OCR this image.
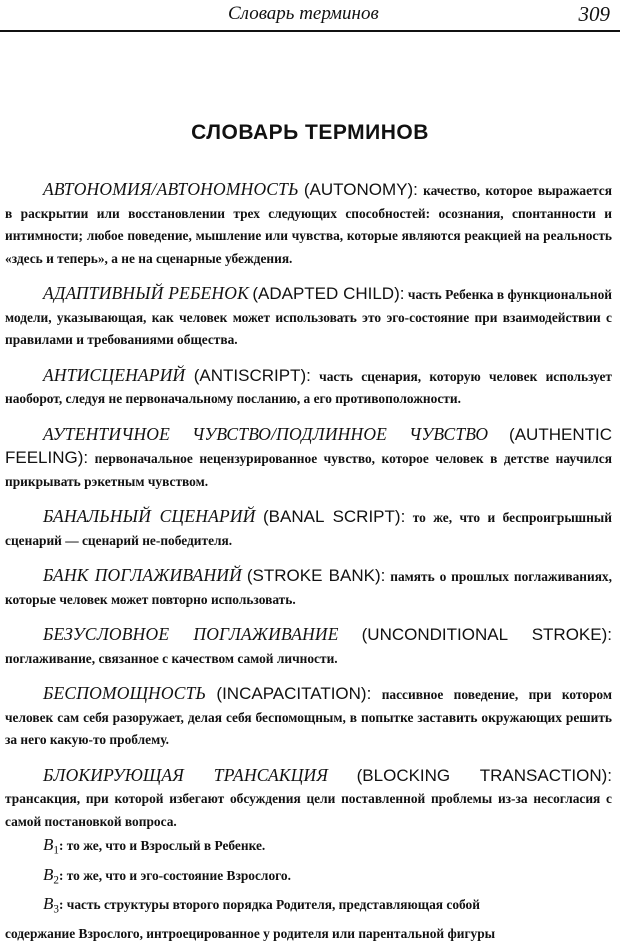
Словарь терминов	309
СЛОВАРЬ ТЕРМИНОВ

АВТОНОМИЯ/АВТОНОМНОСТЬ (AUTONOMY): качество, которое выражается в раскрытии или восстановлении трех следующих способностей: осознания, спонтанности и интимности; любое поведение, мышление или чувства, которые являются реакцией на реальность «здесь и теперь», а не на сценарные убеждения.

АДАПТИВНЫЙ РЕБЕНОК (ADAPTED CHILD): часть Ребенка в функциональной модели, указывающая, как человек может использовать это эго-состояние при взаимодействии с правилами и требованиями общества.

АНТИСЦЕНАРИЙ (ANTISCRIPT): часть сценария, которую человек использует наоборот, следуя не первоначальному посланию, а его противоположности.

АУТЕНТИЧНОЕ ЧУВСТВО/ПОДЛИННОЕ ЧУВСТВО (AUTHENTIC FEELING): первоначальное нецензурированное чувство, которое человек в детстве научился прикрывать рэкетным чувством.

БАНАЛЬНЫЙ СЦЕНАРИЙ (BANAL SCRIPT): то же, что и беспроигрышный сценарий — сценарий не-победителя.

БАНК ПОГЛАЖИВАНИЙ (STROKE BANK): память о прошлых поглаживаниях, которые человек может повторно использовать.

БЕЗУСЛОВНОЕ ПОГЛАЖИВАНИЕ (UNCONDITIONAL STROKE): поглаживание, связанное с качеством самой личности.

БЕСПОМОЩНОСТЬ (INCAPACITATION): пассивное поведение, при котором человек сам себя разоружает, делая себя беспомощным, в попытке заставить окружающих решить за него какую-то проблему.

БЛОКИРУЮЩАЯ ТРАНСАКЦИЯ (BLOCKING TRANSACTION): трансакция, при которой избегают обсуждения цели поставленной проблемы из-за несогласия с самой постановкой вопроса.

$B_1$: то же, что и Взрослый в Ребенке.

$B_2$: то же, что и эго-состояние Взрослого.

$B_3$: часть структуры второго порядка Родителя, представляющая собой

содержание Взрослого, интроецированное у родителя или парентальной фигуры
